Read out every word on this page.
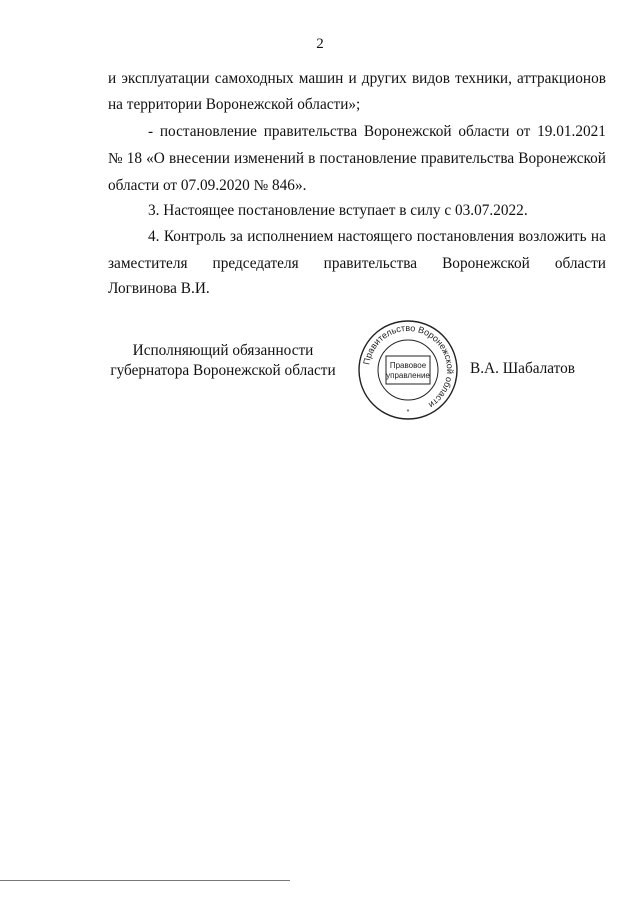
2
и эксплуатации самоходных машин и других видов техники, аттракционов
на территории Воронежской области»;
- постановление правительства Воронежской области от 19.01.2021
№ 18 «О внесении изменений в постановление правительства Воронежской
области от 07.09.2020 № 846».
3. Настоящее постановление вступает в силу с 03.07.2022.
4. Контроль за исполнением настоящего постановления возложить на
заместителя председателя правительства Воронежской области
Логвинова В.И.
Исполняющий обязанности
губернатора Воронежской области
Правительство Воронежской области
Правовое
управление
*
В.А. Шабалатов
